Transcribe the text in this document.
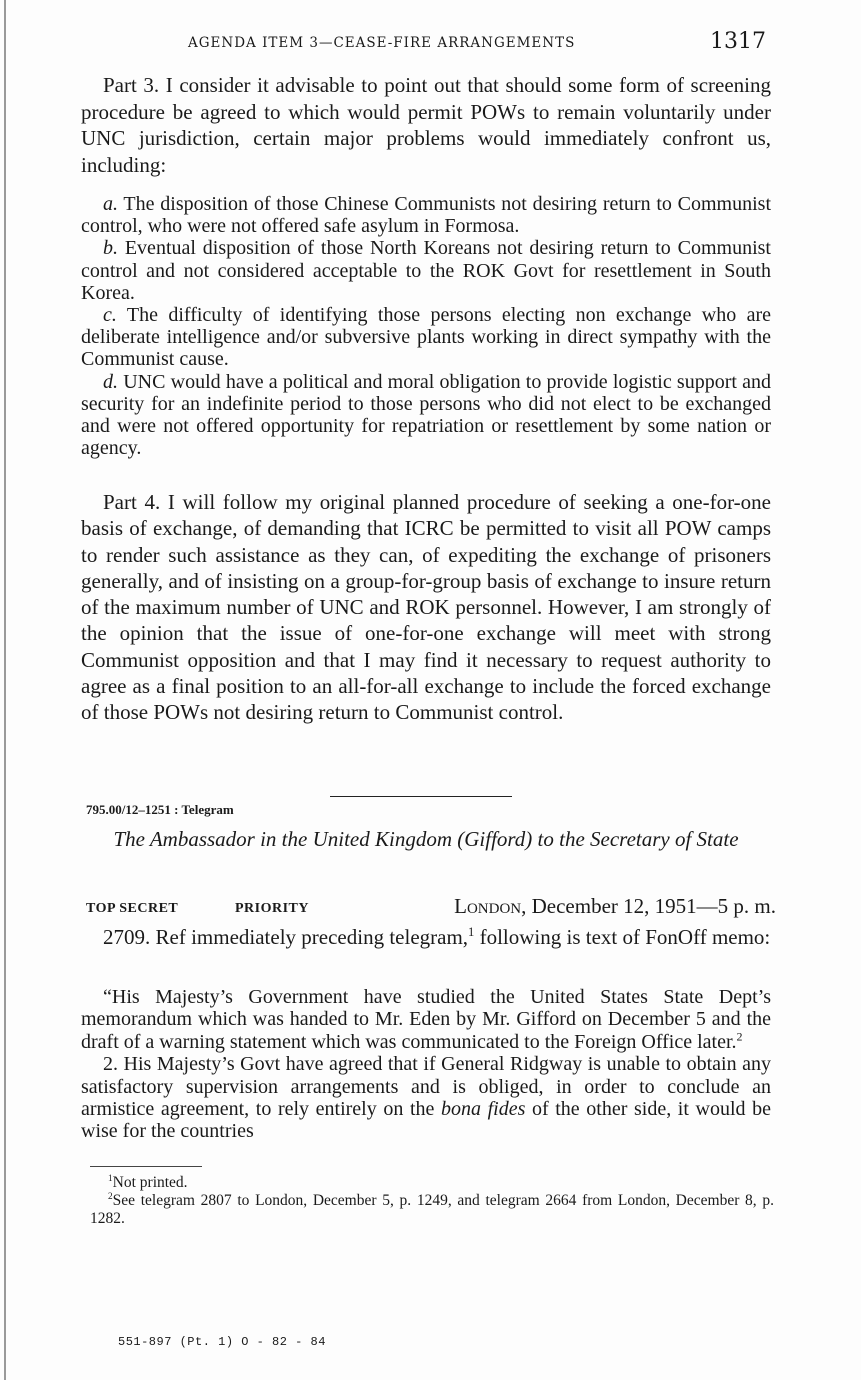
AGENDA ITEM 3—CEASE-FIRE ARRANGEMENTS	1317

Part 3. I consider it advisable to point out that should some form of screening procedure be agreed to which would permit POWs to remain voluntarily under UNC jurisdiction, certain major problems would immediately confront us, including:

a. The disposition of those Chinese Communists not desiring return to Communist control, who were not offered safe asylum in Formosa.

b. Eventual disposition of those North Koreans not desiring return to Communist control and not considered acceptable to the ROK Govt for resettlement in South Korea.

c. The difficulty of identifying those persons electing non exchange who are deliberate intelligence and/or subversive plants working in direct sympathy with the Communist cause.

d. UNC would have a political and moral obligation to provide logistic support and security for an indefinite period to those persons who did not elect to be exchanged and were not offered opportunity for repatriation or resettlement by some nation or agency.

Part 4. I will follow my original planned procedure of seeking a one-for-one basis of exchange, of demanding that ICRC be permitted to visit all POW camps to render such assistance as they can, of expediting the exchange of prisoners generally, and of insisting on a group-for-group basis of exchange to insure return of the maximum number of UNC and ROK personnel. However, I am strongly of the opinion that the issue of one-for-one exchange will meet with strong Communist opposition and that I may find it necessary to request authority to agree as a final position to an all-for-all exchange to include the forced exchange of those POWs not desiring return to Communist control.

795.00/12–1251 : Telegram
The Ambassador in the United Kingdom (Gifford) to the Secretary of State
TOP SECRET	PRIORITY	London, December 12, 1951—5 p. m.

2709. Ref immediately preceding telegram,$^1$ following is text of FonOff memo:

“His Majesty’s Government have studied the United States State Dept’s memorandum which was handed to Mr. Eden by Mr. Gifford on December 5 and the draft of a warning statement which was communicated to the Foreign Office later.$^2$

2. His Majesty’s Govt have agreed that if General Ridgway is unable to obtain any satisfactory supervision arrangements and is obliged, in order to conclude an armistice agreement, to rely entirely on the bona fides of the other side, it would be wise for the countries

$^1$Not printed.
$^2$See telegram 2807 to London, December 5, p. 1249, and telegram 2664 from London, December 8, p. 1282.
551-897 (Pt. 1) O - 82 - 84
